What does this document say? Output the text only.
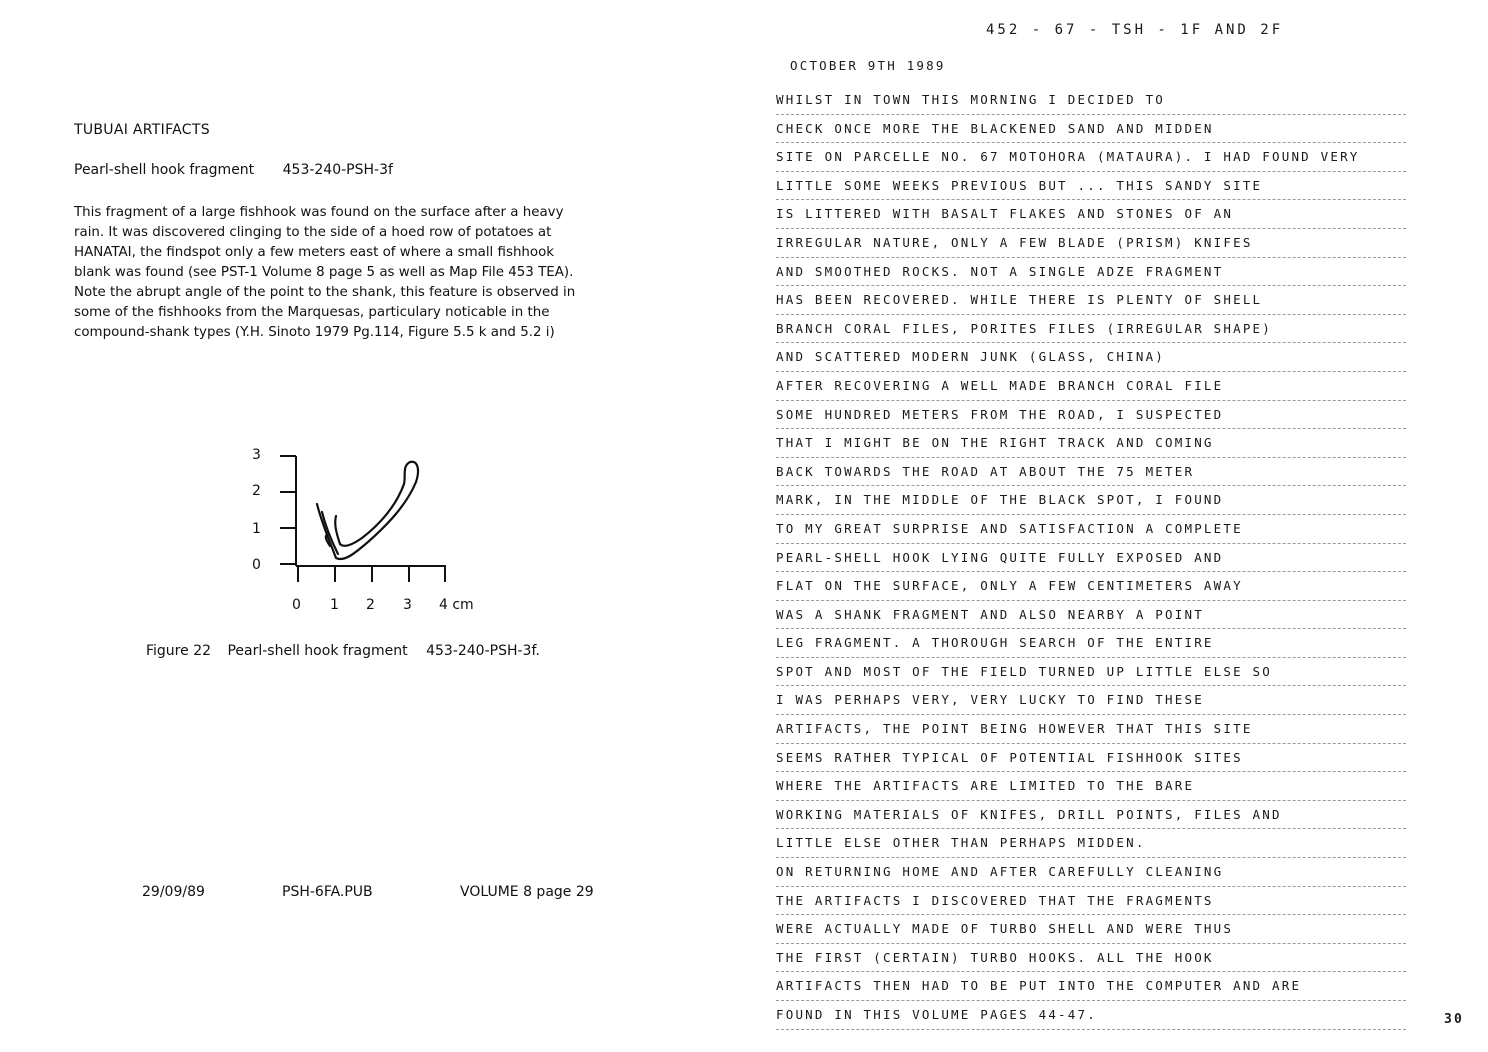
TUBUAI ARTIFACTS
Pearl-shell hook fragment 453-240-PSH-3f

This fragment of a large fishhook was found on the surface after a heavy
rain. It was discovered clinging to the side of a hoed row of potatoes at
HANATAI, the findspot only a few meters east of where a small fishhook
blank was found (see PST-1 Volume 8 page 5 as well as Map File 453 TEA).
Note the abrupt angle of the point to the shank, this feature is observed in
some of the fishhooks from the Marquesas, particulary noticable in the
compound-shank types (Y.H. Sinoto 1979 Pg.114, Figure 5.5 k and 5.2 i)

0
1
2
3
0 1 2 3 4 cm
Figure 22 Pearl-shell hook fragment 453-240-PSH-3f.
29/09/89	PSH-6FA.PUB	VOLUME 8 page 29
452 - 67 - TSH - 1F AND 2F
OCTOBER 9TH 1989
WHILST IN TOWN THIS MORNING I DECIDED TO
CHECK ONCE MORE THE BLACKENED SAND AND MIDDEN
SITE ON PARCELLE NO. 67 MOTOHORA (MATAURA). I HAD FOUND VERY
LITTLE SOME WEEKS PREVIOUS BUT ... THIS SANDY SITE
IS LITTERED WITH BASALT FLAKES AND STONES OF AN
IRREGULAR NATURE, ONLY A FEW BLADE (PRISM) KNIFES
AND SMOOTHED ROCKS. NOT A SINGLE ADZE FRAGMENT
HAS BEEN RECOVERED. WHILE THERE IS PLENTY OF SHELL
BRANCH CORAL FILES, PORITES FILES (IRREGULAR SHAPE)
AND SCATTERED MODERN JUNK (GLASS, CHINA)
AFTER RECOVERING A WELL MADE BRANCH CORAL FILE
SOME HUNDRED METERS FROM THE ROAD, I SUSPECTED
THAT I MIGHT BE ON THE RIGHT TRACK AND COMING
BACK TOWARDS THE ROAD AT ABOUT THE 75 METER
MARK, IN THE MIDDLE OF THE BLACK SPOT, I FOUND
TO MY GREAT SURPRISE AND SATISFACTION A COMPLETE
PEARL-SHELL HOOK LYING QUITE FULLY EXPOSED AND
FLAT ON THE SURFACE, ONLY A FEW CENTIMETERS AWAY
WAS A SHANK FRAGMENT AND ALSO NEARBY A POINT
LEG FRAGMENT. A THOROUGH SEARCH OF THE ENTIRE
SPOT AND MOST OF THE FIELD TURNED UP LITTLE ELSE SO
I WAS PERHAPS VERY, VERY LUCKY TO FIND THESE
ARTIFACTS, THE POINT BEING HOWEVER THAT THIS SITE
SEEMS RATHER TYPICAL OF POTENTIAL FISHHOOK SITES
WHERE THE ARTIFACTS ARE LIMITED TO THE BARE
WORKING MATERIALS OF KNIFES, DRILL POINTS, FILES AND
LITTLE ELSE OTHER THAN PERHAPS MIDDEN.
ON RETURNING HOME AND AFTER CAREFULLY CLEANING
THE ARTIFACTS I DISCOVERED THAT THE FRAGMENTS
WERE ACTUALLY MADE OF TURBO SHELL AND WERE THUS
THE FIRST (CERTAIN) TURBO HOOKS. ALL THE HOOK
ARTIFACTS THEN HAD TO BE PUT INTO THE COMPUTER AND ARE
FOUND IN THIS VOLUME PAGES 44-47.	30
